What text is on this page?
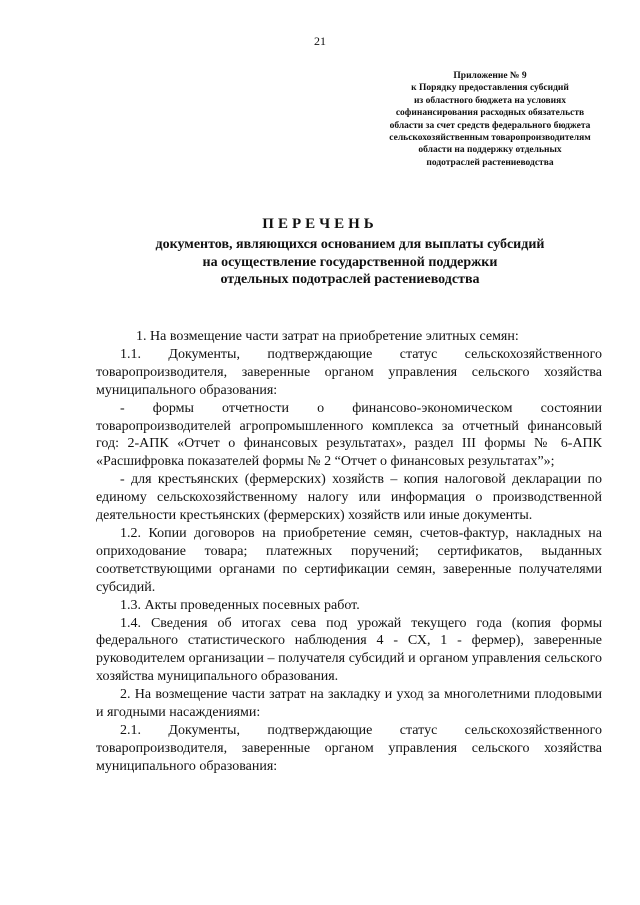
21
Приложение № 9
к Порядку предоставления субсидий
из областного бюджета на условиях
софинансирования расходных обязательств
области за счет средств федерального бюджета
сельскохозяйственным товаропроизводителям
области на поддержку отдельных
подотраслей растениеводства
ПЕРЕЧЕНЬ
документов, являющихся основанием для выплаты субсидий
на осуществление государственной поддержки
отдельных подотраслей растениеводства
1. На возмещение части затрат на приобретение элитных семян:
1.1. Документы, подтверждающие статус сельскохозяйственного товаропроизводителя, заверенные органом управления сельского хозяйства муниципального образования:
- формы отчетности о финансово-экономическом состоянии товаропроизводителей агропромышленного комплекса за отчетный финансовый год: 2-АПК «Отчет о финансовых результатах», раздел III формы № 6-АПК «Расшифровка показателей формы № 2 “Отчет о финансовых результатах”»;
- для крестьянских (фермерских) хозяйств – копия налоговой декларации по единому сельскохозяйственному налогу или информация о производственной деятельности крестьянских (фермерских) хозяйств или иные документы.
1.2. Копии договоров на приобретение семян, счетов-фактур, накладных на оприходование товара; платежных поручений; сертификатов, выданных соответствующими органами по сертификации семян, заверенные получателями субсидий.
1.3. Акты проведенных посевных работ.
1.4. Сведения об итогах сева под урожай текущего года (копия формы федерального статистического наблюдения 4 - СХ, 1 - фермер), заверенные руководителем организации – получателя субсидий и органом управления сельского хозяйства муниципального образования.
2. На возмещение части затрат на закладку и уход за многолетними плодовыми и ягодными насаждениями:
2.1. Документы, подтверждающие статус сельскохозяйственного товаропроизводителя, заверенные органом управления сельского хозяйства муниципального образования:
